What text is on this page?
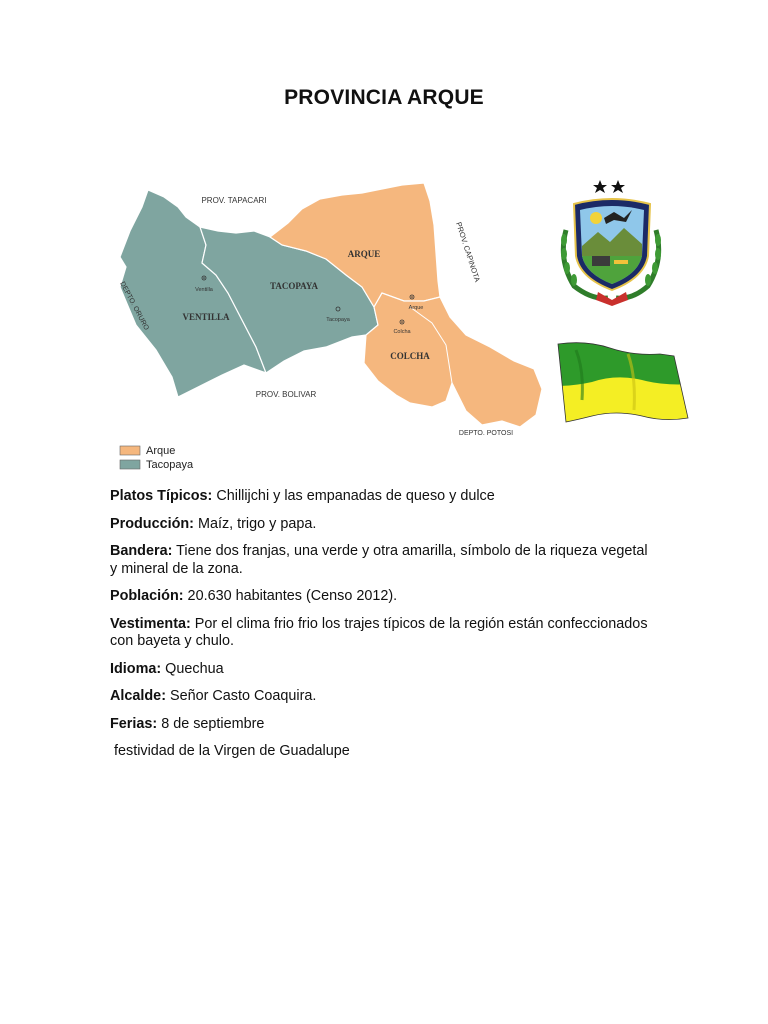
PROVINCIA ARQUE
ARQUE
TACOPAYA
VENTILLA
COLCHA
Ventilla
Tacopaya
Arque
Colcha
PROV. TAPACARI
PROV. BOLIVAR
DEPTO. POTOSI
PROV. CAPINOTA
DEPTO. ORURO
Arque
Tacopaya

Platos Típicos: Chillijchi y las empanadas de queso y dulce

Producción: Maíz, trigo y papa.

Bandera: Tiene dos franjas, una verde y otra amarilla, símbolo de la riqueza vegetal y mineral de la zona.

Población: 20.630 habitantes (Censo 2012).

Vestimenta: Por el clima frio frio los trajes típicos de la región están confeccionados con bayeta y chulo.

Idioma: Quechua

Alcalde: Señor Casto Coaquira.

Ferias: 8 de septiembre

festividad de la Virgen de Guadalupe
